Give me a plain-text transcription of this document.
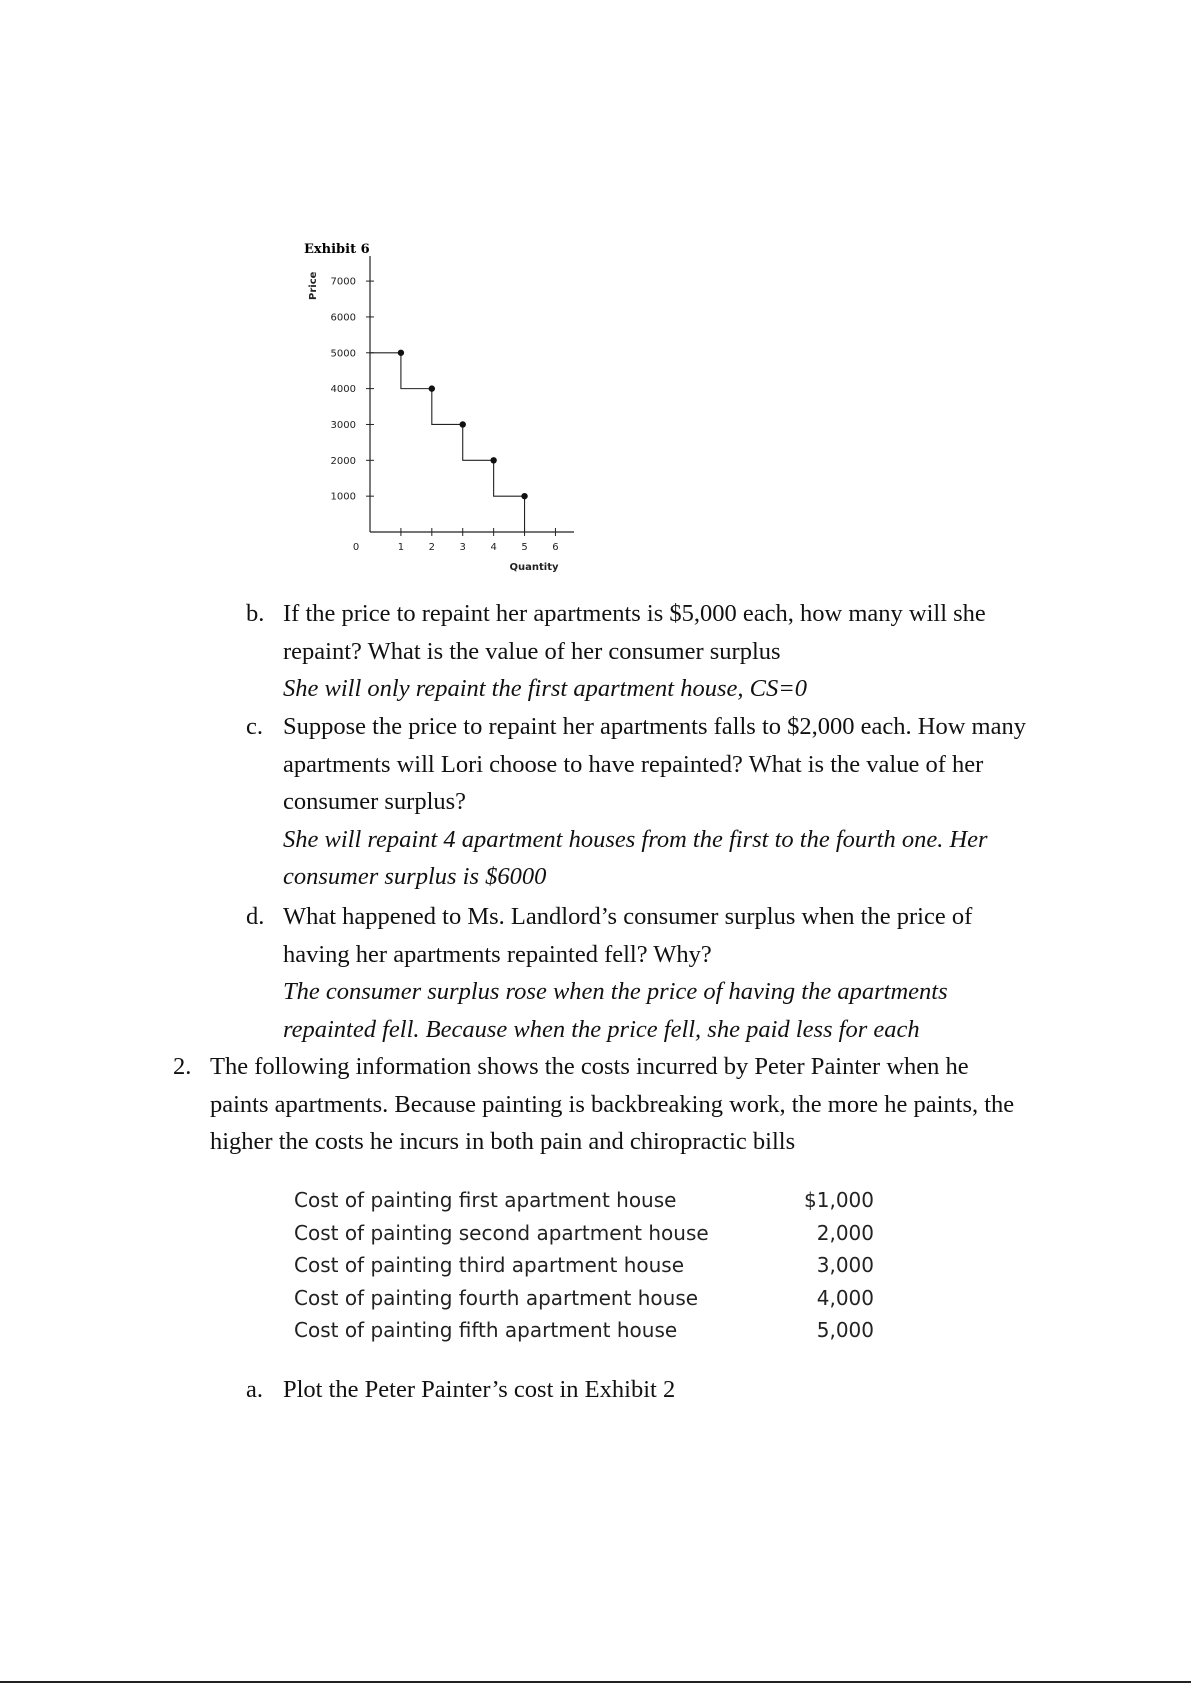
Exhibit 6
Price
Quantity
1000
2000
3000
4000
5000
6000
7000
0	1 2 3 4 5 6
b. If the price to repaint her apartments is $5,000 each, how many will she
repaint? What is the value of her consumer surplus
She will only repaint the first apartment house, CS=0
c. Suppose the price to repaint her apartments falls to $2,000 each. How many
apartments will Lori choose to have repainted? What is the value of her
consumer surplus?
She will repaint 4 apartment houses from the first to the fourth one. Her
consumer surplus is $6000
d. What happened to Ms. Landlord’s consumer surplus when the price of
having her apartments repainted fell? Why?
The consumer surplus rose when the price of having the apartments
repainted fell. Because when the price fell, she paid less for each
2. The following information shows the costs incurred by Peter Painter when he
paints apartments. Because painting is backbreaking work, the more he paints, the
higher the costs he incurs in both pain and chiropractic bills
Cost of painting first apartment house	$1,000
Cost of painting second apartment house	2,000
Cost of painting third apartment house	3,000
Cost of painting fourth apartment house	4,000
Cost of painting fifth apartment house	5,000
a. Plot the Peter Painter’s cost in Exhibit 2
